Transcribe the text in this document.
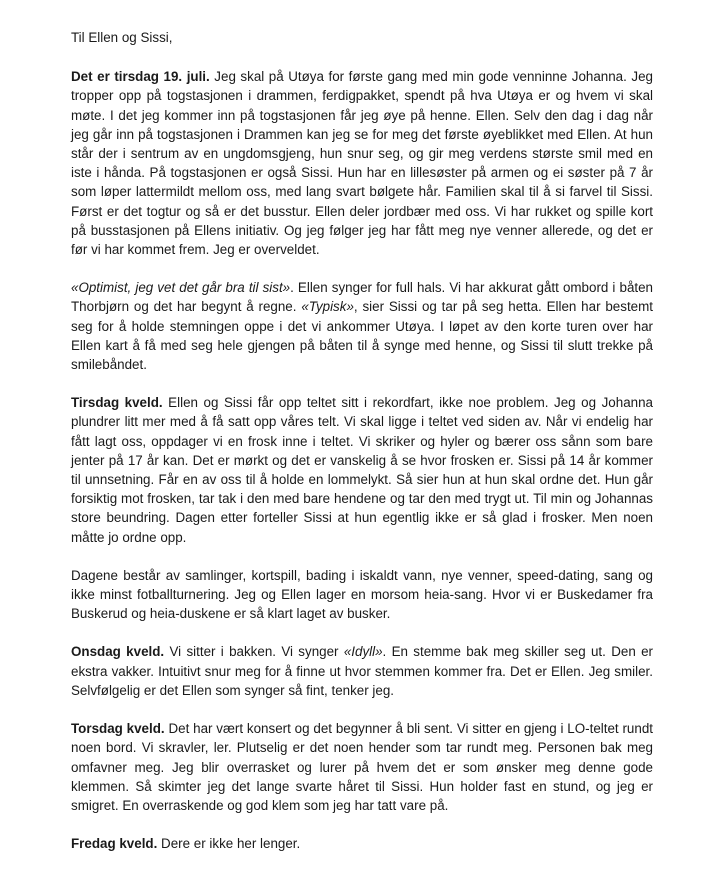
Til Ellen og Sissi,

Det er tirsdag 19. juli. Jeg skal på Utøya for første gang med min gode venninne Johanna. Jeg tropper opp på togstasjonen i drammen, ferdigpakket, spendt på hva Utøya er og hvem vi skal møte. I det jeg kommer inn på togstasjonen får jeg øye på henne. Ellen. Selv den dag i dag når jeg går inn på togstasjonen i Drammen kan jeg se for meg det første øyeblikket med Ellen. At hun står der i sentrum av en ungdomsgjeng, hun snur seg, og gir meg verdens største smil med en iste i hånda. På togstasjonen er også Sissi. Hun har en lillesøster på armen og ei søster på 7 år som løper lattermildt mellom oss, med lang svart bølgete hår. Familien skal til å si farvel til Sissi. Først er det togtur og så er det busstur. Ellen deler jordbær med oss. Vi har rukket og spille kort på busstasjonen på Ellens initiativ. Og jeg følger jeg har fått meg nye venner allerede, og det er før vi har kommet frem. Jeg er overveldet.

«Optimist, jeg vet det går bra til sist». Ellen synger for full hals. Vi har akkurat gått ombord i båten Thorbjørn og det har begynt å regne. «Typisk», sier Sissi og tar på seg hetta. Ellen har bestemt seg for å holde stemningen oppe i det vi ankommer Utøya. I løpet av den korte turen over har Ellen kart å få med seg hele gjengen på båten til å synge med henne, og Sissi til slutt trekke på smilebåndet.

Tirsdag kveld. Ellen og Sissi får opp teltet sitt i rekordfart, ikke noe problem. Jeg og Johanna plundrer litt mer med å få satt opp våres telt. Vi skal ligge i teltet ved siden av. Når vi endelig har fått lagt oss, oppdager vi en frosk inne i teltet. Vi skriker og hyler og bærer oss sånn som bare jenter på 17 år kan. Det er mørkt og det er vanskelig å se hvor frosken er. Sissi på 14 år kommer til unnsetning. Får en av oss til å holde en lommelykt. Så sier hun at hun skal ordne det. Hun går forsiktig mot frosken, tar tak i den med bare hendene og tar den med trygt ut. Til min og Johannas store beundring. Dagen etter forteller Sissi at hun egentlig ikke er så glad i frosker. Men noen måtte jo ordne opp.

Dagene består av samlinger, kortspill, bading i iskaldt vann, nye venner, speed-dating, sang og ikke minst fotballturnering. Jeg og Ellen lager en morsom heia-sang. Hvor vi er Buskedamer fra Buskerud og heia-duskene er så klart laget av busker.

Onsdag kveld. Vi sitter i bakken. Vi synger «Idyll». En stemme bak meg skiller seg ut. Den er ekstra vakker. Intuitivt snur meg for å finne ut hvor stemmen kommer fra. Det er Ellen. Jeg smiler. Selvfølgelig er det Ellen som synger så fint, tenker jeg.

Torsdag kveld. Det har vært konsert og det begynner å bli sent. Vi sitter en gjeng i LO-teltet rundt noen bord. Vi skravler, ler. Plutselig er det noen hender som tar rundt meg. Personen bak meg omfavner meg. Jeg blir overrasket og lurer på hvem det er som ønsker meg denne gode klemmen. Så skimter jeg det lange svarte håret til Sissi. Hun holder fast en stund, og jeg er smigret. En overraskende og god klem som jeg har tatt vare på.

Fredag kveld. Dere er ikke her lenger.
